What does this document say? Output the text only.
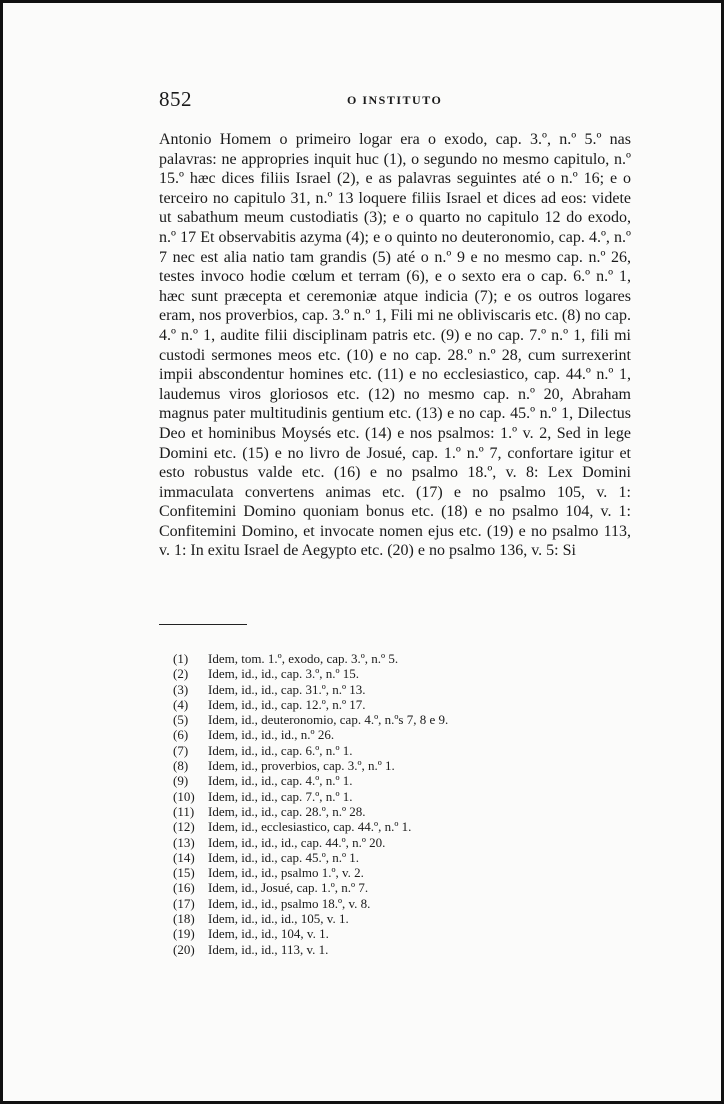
852	O INSTITUTO

Antonio Homem o primeiro logar era o exodo, cap. 3.º, n.º 5.º nas palavras: ne appropries inquit huc (1), o segundo no mesmo capitulo, n.º 15.º hæc dices filiis Israel (2), e as palavras seguintes até o n.º 16; e o terceiro no capitulo 31, n.º 13 loquere filiis Israel et dices ad eos: videte ut sabathum meum custodiatis (3); e o quarto no capitulo 12 do exodo, n.º 17 Et observabitis azyma (4); e o quinto no deuteronomio, cap. 4.º, n.º 7 nec est alia natio tam grandis (5) até o n.º 9 e no mesmo cap. n.º 26, testes invoco hodie cœlum et terram (6), e o sexto era o cap. 6.º n.º 1, hæc sunt præcepta et ceremoniæ atque indicia (7); e os outros logares eram, nos proverbios, cap. 3.º n.º 1, Fili mi ne obliviscaris etc. (8) no cap. 4.º n.º 1, audite filii disciplinam patris etc. (9) e no cap. 7.º n.º 1, fili mi custodi sermones meos etc. (10) e no cap. 28.º n.º 28, cum surrexerint impii abscondentur homines etc. (11) e no ecclesiastico, cap. 44.º n.º 1, laudemus viros gloriosos etc. (12) no mesmo cap. n.º 20, Abraham magnus pater multitudinis gentium etc. (13) e no cap. 45.º n.º 1, Dilectus Deo et hominibus Moysés etc. (14) e nos psalmos: 1.º v. 2, Sed in lege Domini etc. (15) e no livro de Josué, cap. 1.º n.º 7, confortare igitur et esto robustus valde etc. (16) e no psalmo 18.º, v. 8: Lex Domini immaculata convertens animas etc. (17) e no psalmo 105, v. 1: Confitemini Domino quoniam bonus etc. (18) e no psalmo 104, v. 1: Confitemini Domino, et invocate nomen ejus etc. (19) e no psalmo 113, v. 1: In exitu Israel de Aegypto etc. (20) e no psalmo 136, v. 5: Si

(1)	Idem, tom. 1.º, exodo, cap. 3.º, n.º 5.
(2)	Idem, id., id., cap. 3.º, n.º 15.
(3)	Idem, id., id., cap. 31.º, n.º 13.
(4)	Idem, id., id., cap. 12.º, n.º 17.
(5)	Idem, id., deuteronomio, cap. 4.º, n.ºs 7, 8 e 9.
(6)	Idem, id., id., id., n.º 26.
(7)	Idem, id., id., cap. 6.º, n.º 1.
(8)	Idem, id., proverbios, cap. 3.º, n.º 1.
(9)	Idem, id., id., cap. 4.º, n.º 1.
(10)	Idem, id., id., cap. 7.º, n.º 1.
(11)	Idem, id., id., cap. 28.º, n.º 28.
(12)	Idem, id., ecclesiastico, cap. 44.º, n.º 1.
(13)	Idem, id., id., id., cap. 44.º, n.º 20.
(14)	Idem, id., id., cap. 45.º, n.º 1.
(15)	Idem, id., id., psalmo 1.º, v. 2.
(16)	Idem, id., Josué, cap. 1.º, n.º 7.
(17)	Idem, id., id., psalmo 18.º, v. 8.
(18)	Idem, id., id., id., 105, v. 1.
(19)	Idem, id., id., 104, v. 1.
(20)	Idem, id., id., 113, v. 1.
